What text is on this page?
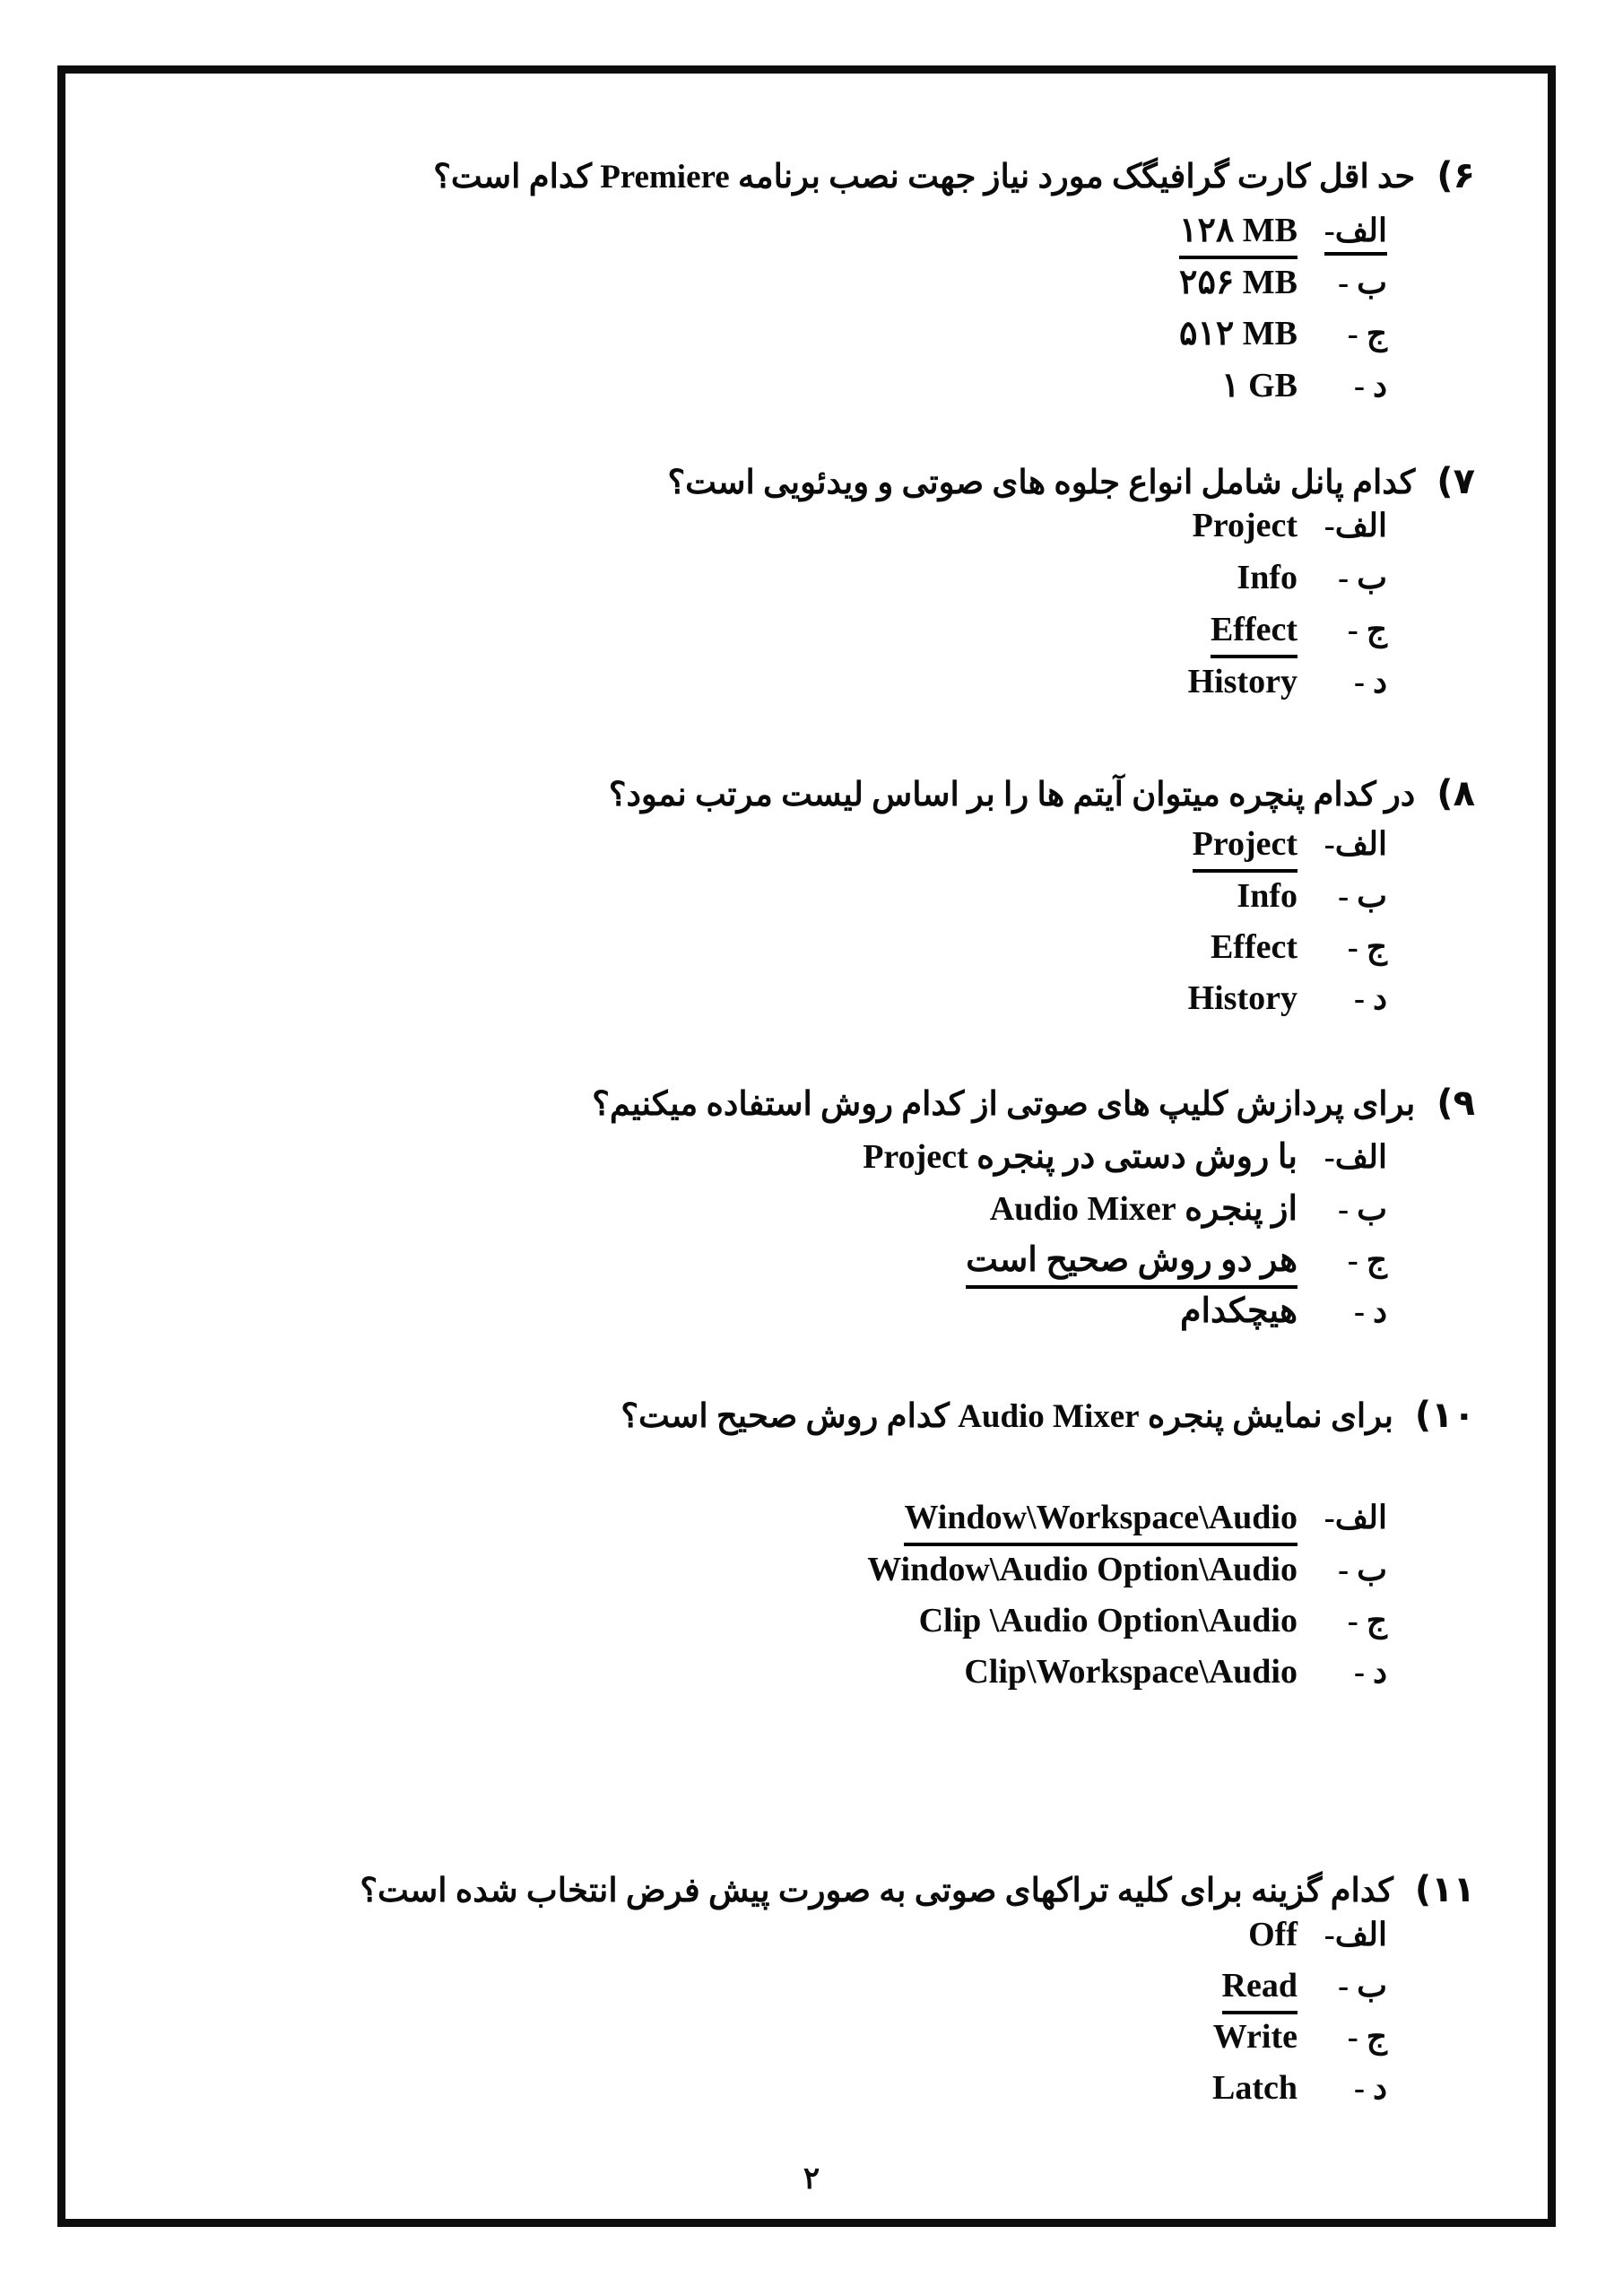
۶)
حد اقل کارت گرافیگک مورد نیاز جهت نصب برنامه Premiere کدام است؟
الف-
۱۲۸ MB
ب -
۲۵۶ MB
ج -
۵۱۲ MB
د -
۱ GB
۷)
کدام پانل شامل انواع جلوه های صوتی و ویدئویی است؟
الف-
Project
ب -
Info
ج -
Effect
د -
History
۸)
در کدام پنچره میتوان آیتم ها را بر اساس لیست مرتب نمود؟
الف-
Project
ب -
Info
ج -
Effect
د -
History
۹)
برای پردازش کلیپ های صوتی از کدام روش استفاده میکنیم؟
الف-
با روش دستی در پنجره Project
ب -
از پنجره Audio Mixer
ج -
هر دو روش صحیح است
د -
هیچکدام
۱۰)
برای نمایش پنجره Audio Mixer کدام روش صحیح است؟
الف-
Window\Workspace\Audio
ب -
Window\Audio Option\Audio
ج -
Clip \Audio Option\Audio
د -
Clip\Workspace\Audio
۱۱)
کدام گزینه برای کلیه تراکهای صوتی به صورت پیش فرض انتخاب شده است؟
الف-
Off
ب -
Read
ج -
Write
د -
Latch
۲
